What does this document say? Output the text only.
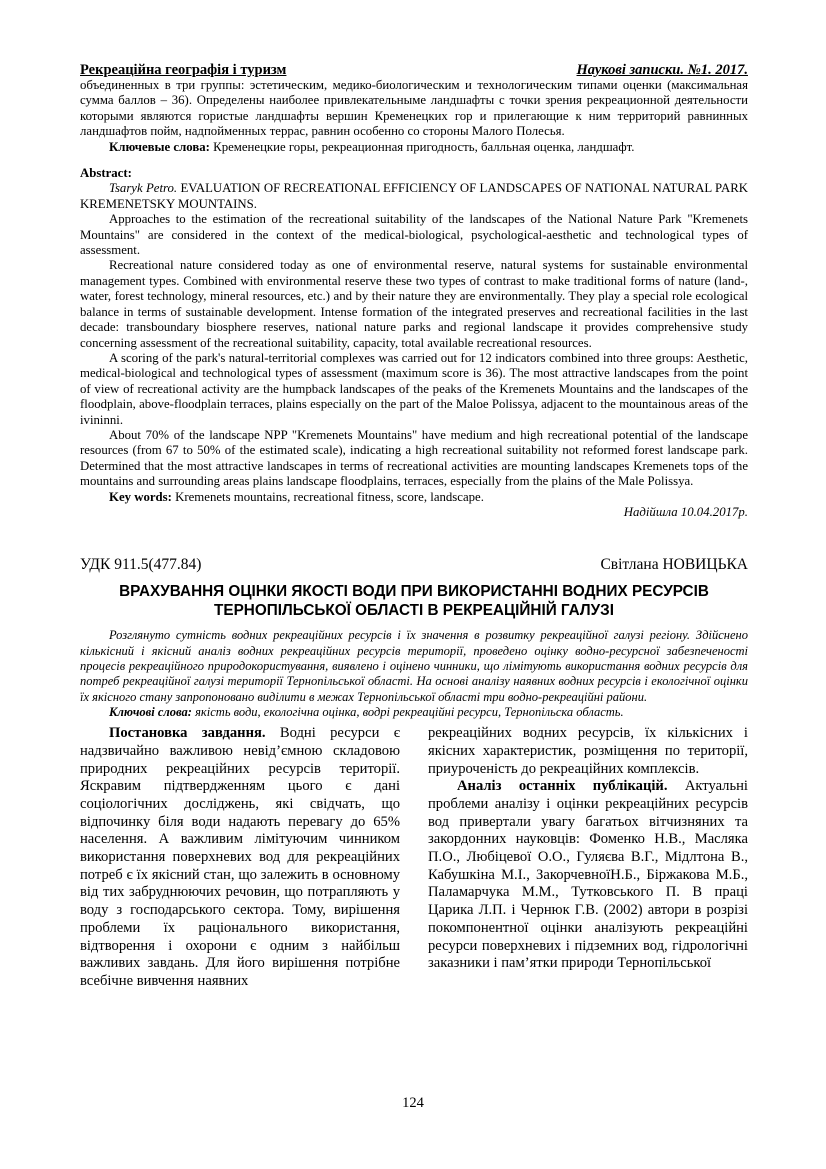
Рекреаційна географія і туризм	Наукові записки. №1. 2017.

объединенных в три группы: эстетическим, медико-биологическим и технологическим типами оценки (максимальная сумма баллов – 36). Определены наиболее привлекательныме ландшафты с точки зрения рекреационной деятельности которыми являются гористые ландшафты вершин Кременецких гор и прилегающие к ним территорий равнинных ландшафтов пойм, надпойменных террас, равнин особенно со стороны Малого Полесья.

Ключевые слова: Кременецкие горы, рекреационная пригодность, балльная оценка, ландшафт.

Abstract:

Tsaryk Petro. EVALUATION OF RECREATIONAL EFFICIENCY OF LANDSCAPES OF NATIONAL NATURAL PARK KREMENETSKY MOUNTAINS.

Approaches to the estimation of the recreational suitability of the landscapes of the National Nature Park "Kremenets Mountains" are considered in the context of the medical-biological, psychological-aesthetic and technological types of assessment.

Recreational nature considered today as one of environmental reserve, natural systems for sustainable environmental management types. Combined with environmental reserve these two types of contrast to make traditional forms of nature (land-, water, forest technology, mineral resources, etc.) and by their nature they are environmentally. They play a special role ecological balance in terms of sustainable development. Intense formation of the integrated preserves and recreational facilities in the last decade: transboundary biosphere reserves, national nature parks and regional landscape it provides comprehensive study concerning assessment of the recreational suitability, capacity, total available recreational resources.

A scoring of the park's natural-territorial complexes was carried out for 12 indicators combined into three groups: Aesthetic, medical-biological and technological types of assessment (maximum score is 36). The most attractive landscapes from the point of view of recreational activity are the humpback landscapes of the peaks of the Kremenets Mountains and the landscapes of the floodplain, above-floodplain terraces, plains especially on the part of the Maloe Polissya, adjacent to the mountainous areas of the ivininni.

About 70% of the landscape NPP "Kremenets Mountains" have medium and high recreational potential of the landscape resources (from 67 to 50% of the estimated scale), indicating a high recreational suitability not reformed forest landscape park. Determined that the most attractive landscapes in terms of recreational activities are mounting landscapes Kremenets tops of the mountains and surrounding areas plains landscape floodplains, terraces, especially from the plains of the Male Polissya.

Key words: Kremenets mountains, recreational fitness, score, landscape.

Надійшла 10.04.2017р.

УДК 911.5(477.84)	Світлана НОВИЦЬКА

ВРАХУВАННЯ ОЦІНКИ ЯКОСТІ ВОДИ ПРИ ВИКОРИСТАННІ ВОДНИХ РЕСУРСІВ

ТЕРНОПІЛЬСЬКОЇ ОБЛАСТІ В РЕКРЕАЦІЙНІЙ ГАЛУЗІ

Розглянуто сутність водних рекреаційних ресурсів і їх значення в розвитку рекреаційної галузі регіону. Здійснено кількісний і якісний аналіз водних рекреаційних ресурсів території, проведено оцінку водно-ресурсної забезпеченості процесів рекреаційного природокористування, виявлено і оцінено чинники, що лімітують використання водних ресурсів для потреб рекреаційної галузі території Тернопільської області. На основі аналізу наявних водних ресурсів і екологічної оцінки їх якісного стану запропоновано виділити в межах Тернопільської області три водно-рекреаційні райони.

Ключові слова: якість води, екологічна оцінка, водрі рекреаційні ресурси, Тернопільска область.

Постановка завдання. Водні ресурси є надзвичайно важливою невід’ємною складовою природних рекреаційних ресурсів території. Яскравим підтвердженням цього є дані соціологічних досліджень, які свідчать, що відпочинку біля води надають перевагу до 65% населення. А важливим лімітуючим чинником використання поверхневих вод для рекреаційних потреб є їх якісний стан, що залежить в основному від тих забруднюючих речовин, що потрапляють у воду з господарського сектора. Тому, вирішення проблеми їх раціонального використання, відтворення і охорони є одним з найбільш важливих завдань. Для його вирішення потрібне всебічне вивчення наявних

рекреаційних водних ресурсів, їх кількісних і якісних характеристик, розміщення по території, приуроченість до рекреаційних комплексів.

Аналіз останніх публікацій. Актуальні проблеми аналізу і оцінки рекреаційних ресурсів вод привертали увагу багатьох вітчизняних та закордонних науковців: Фоменко Н.В., Масляка П.О., Любіцевої О.О., Гуляєва В.Г., Мідлтона В., Кабушкіна М.І., ЗакорчевноїН.Б., Біржакова М.Б., Паламарчука М.М., Тутковського П. В праці Царика Л.П. і Чернюк Г.В. (2002) автори в розрізі покомпонентної оцінки аналізують рекреаційні ресурси поверхневих і підземних вод, гідрологічні заказники і пам’ятки природи Тернопільської

124
